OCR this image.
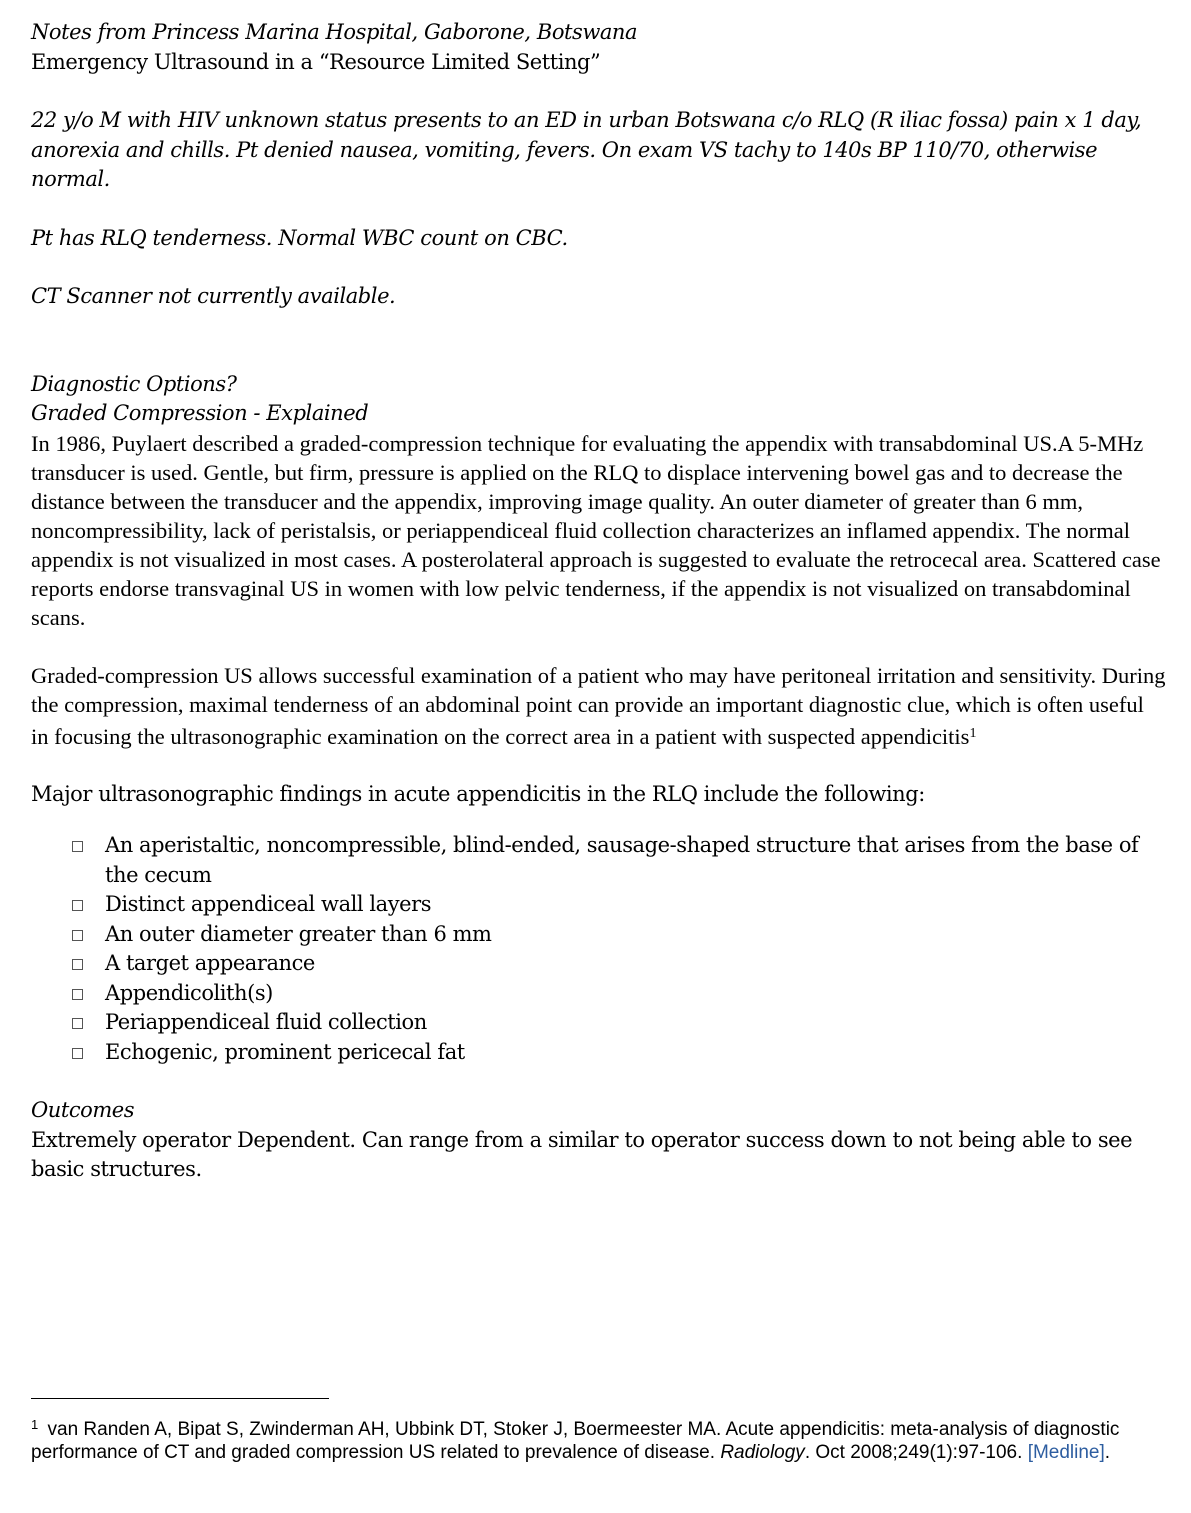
Notes from Princess Marina Hospital, Gaborone, Botswana

Emergency Ultrasound in a “Resource Limited Setting”

22 y/o M with HIV unknown status presents to an ED in urban Botswana c/o RLQ (R iliac fossa) pain x 1 day, anorexia and chills. Pt denied nausea, vomiting, fevers. On exam VS tachy to 140s BP 110/70, otherwise normal.

Pt has RLQ tenderness. Normal WBC count on CBC.

CT Scanner not currently available.

Diagnostic Options?

Graded Compression - Explained

In 1986, Puylaert described a graded-compression technique for evaluating the appendix with transabdominal US.A 5-MHz transducer is used. Gentle, but firm, pressure is applied on the RLQ to displace intervening bowel gas and to decrease the distance between the transducer and the appendix, improving image quality. An outer diameter of greater than 6 mm, noncompressibility, lack of peristalsis, or periappendiceal fluid collection characterizes an inflamed appendix. The normal appendix is not visualized in most cases. A posterolateral approach is suggested to evaluate the retrocecal area. Scattered case reports endorse transvaginal US in women with low pelvic tenderness, if the appendix is not visualized on transabdominal scans.

Graded-compression US allows successful examination of a patient who may have peritoneal irritation and sensitivity. During the compression, maximal tenderness of an abdominal point can provide an important diagnostic clue, which is often useful in focusing the ultrasonographic examination on the correct area in a patient with suspected appendicitis$^1$

Major ultrasonographic findings in acute appendicitis in the RLQ include the following:

An aperistaltic, noncompressible, blind-ended, sausage-shaped structure that arises from the base of the cecum
Distinct appendiceal wall layers
An outer diameter greater than 6 mm
A target appearance
Appendicolith(s)
Periappendiceal fluid collection
Echogenic, prominent pericecal fat

Outcomes

Extremely operator Dependent. Can range from a similar to operator success down to not being able to see basic structures.

$^1$ van Randen A, Bipat S, Zwinderman AH, Ubbink DT, Stoker J, Boermeester MA. Acute appendicitis: meta-analysis of diagnostic performance of CT and graded compression US related to prevalence of disease. Radiology. Oct 2008;249(1):97-106. [Medline].
